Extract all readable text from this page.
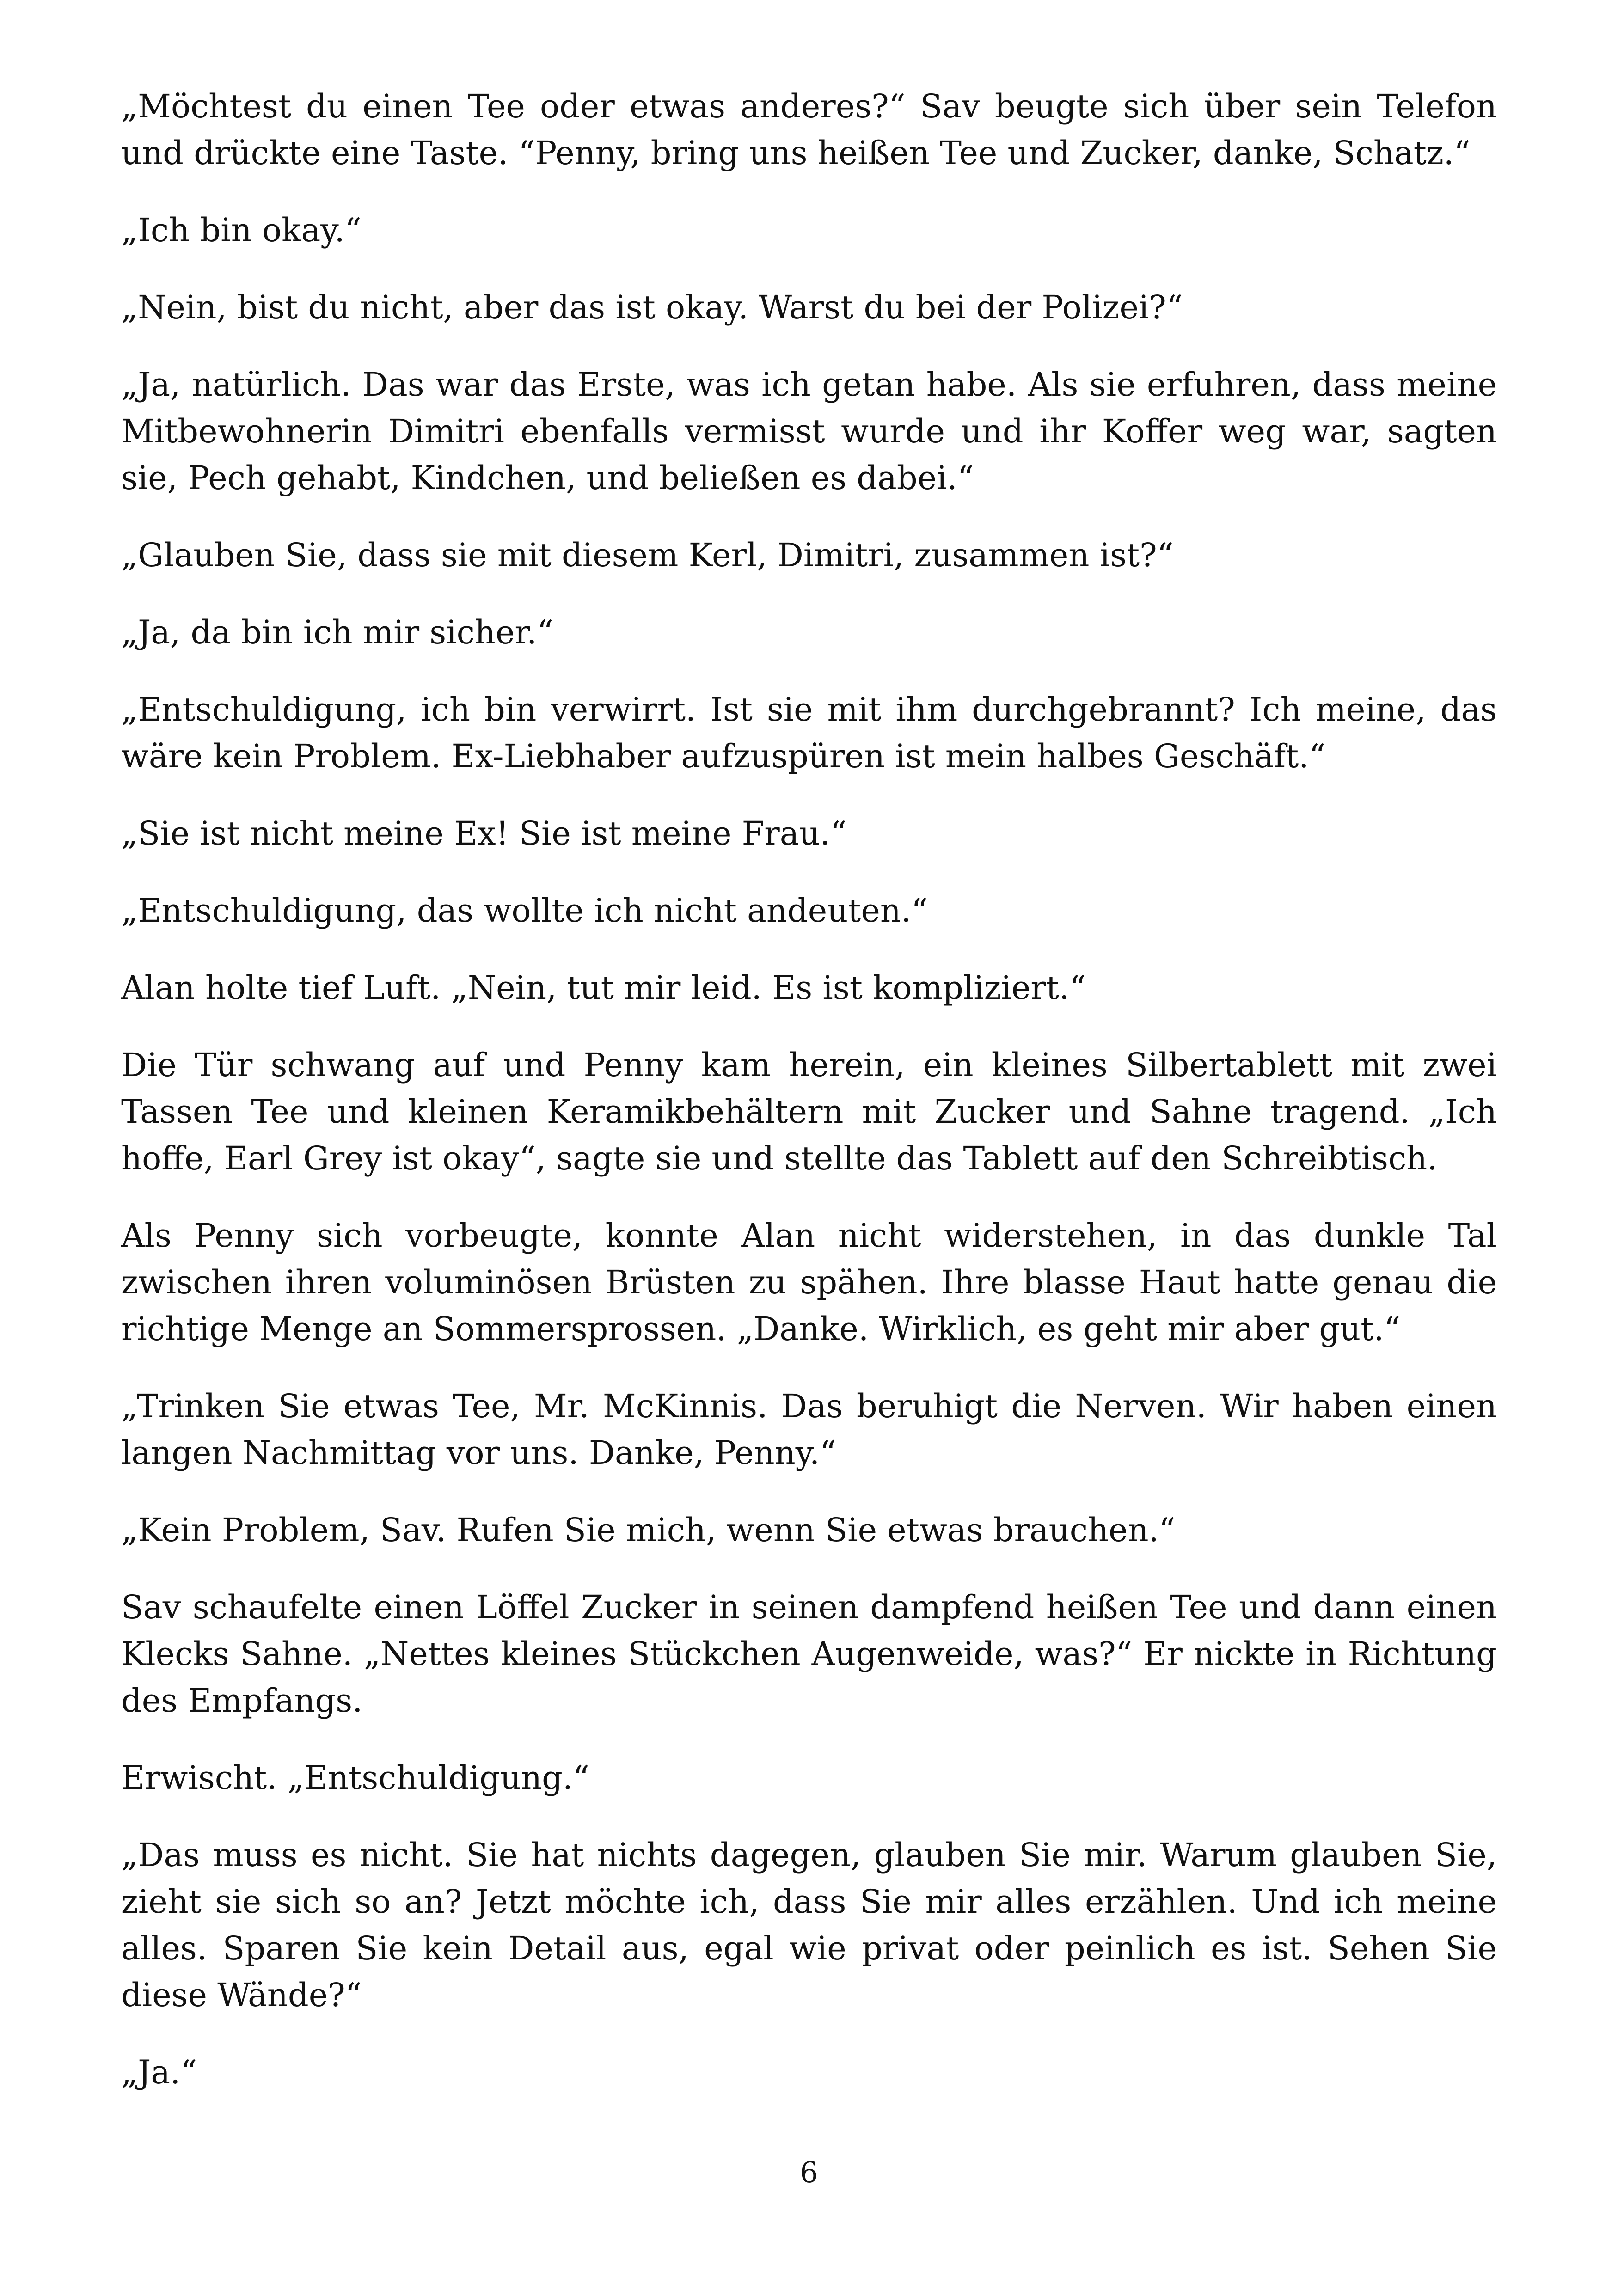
„Möchtest du einen Tee oder etwas anderes?“ Sav beugte sich über sein Telefon und drückte eine Taste. “Penny, bring uns heißen Tee und Zucker, danke, Schatz.“

„Ich bin okay.“

„Nein, bist du nicht, aber das ist okay. Warst du bei der Polizei?“

„Ja, natürlich. Das war das Erste, was ich getan habe. Als sie erfuhren, dass meine Mitbewohnerin Dimitri ebenfalls vermisst wurde und ihr Koffer weg war, sagten sie, Pech gehabt, Kindchen, und beließen es dabei.“

„Glauben Sie, dass sie mit diesem Kerl, Dimitri, zusammen ist?“

„Ja, da bin ich mir sicher.“

„Entschuldigung, ich bin verwirrt. Ist sie mit ihm durchgebrannt? Ich meine, das wäre kein Problem. Ex-Liebhaber aufzuspüren ist mein halbes Geschäft.“

„Sie ist nicht meine Ex! Sie ist meine Frau.“

„Entschuldigung, das wollte ich nicht andeuten.“

Alan holte tief Luft. „Nein, tut mir leid. Es ist kompliziert.“

Die Tür schwang auf und Penny kam herein, ein kleines Silbertablett mit zwei Tassen Tee und kleinen Keramikbehältern mit Zucker und Sahne tragend. „Ich hoffe, Earl Grey ist okay“, sagte sie und stellte das Tablett auf den Schreibtisch.

Als Penny sich vorbeugte, konnte Alan nicht widerstehen, in das dunkle Tal zwischen ihren voluminösen Brüsten zu spähen. Ihre blasse Haut hatte genau die richtige Menge an Sommersprossen. „Danke. Wirklich, es geht mir aber gut.“

„Trinken Sie etwas Tee, Mr. McKinnis. Das beruhigt die Nerven. Wir haben einen langen Nachmittag vor uns. Danke, Penny.“

„Kein Problem, Sav. Rufen Sie mich, wenn Sie etwas brauchen.“

Sav schaufelte einen Löffel Zucker in seinen dampfend heißen Tee und dann einen Klecks Sahne. „Nettes kleines Stückchen Augenweide, was?“ Er nickte in Richtung des Empfangs.

Erwischt. „Entschuldigung.“

„Das muss es nicht. Sie hat nichts dagegen, glauben Sie mir. Warum glauben Sie, zieht sie sich so an? Jetzt möchte ich, dass Sie mir alles erzählen. Und ich meine alles. Sparen Sie kein Detail aus, egal wie privat oder peinlich es ist. Sehen Sie diese Wände?“

„Ja.“

6
